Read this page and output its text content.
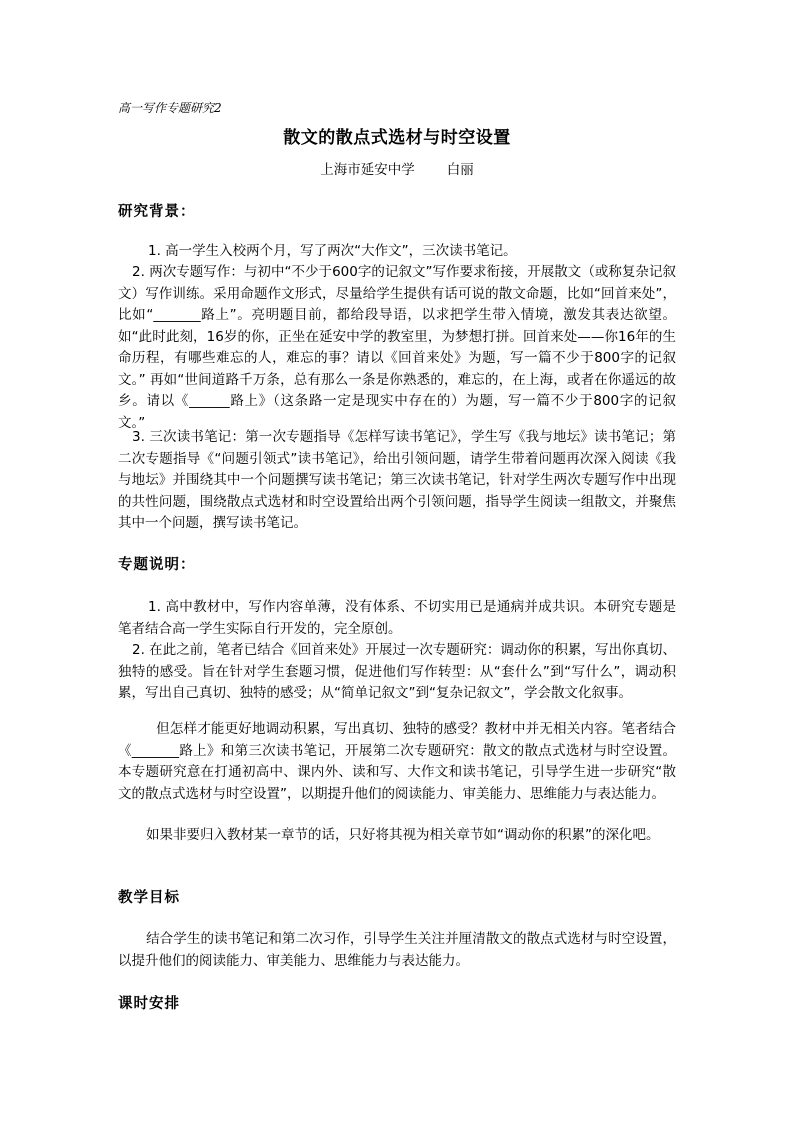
高一写作专题研究2
散文的散点式选材与时空设置
上海市延安中学 白丽
研究背景：
1. 高一学生入校两个月，写了两次“大作文”，三次读书笔记。
2. 两次专题写作：与初中“不少于600字的记叙文”写作要求衔接，开展散文（或称复杂记叙文）写作训练。采用命题作文形式，尽量给学生提供有话可说的散文命题，比如“回首来处”，比如“_______路上”。亮明题目前，都给段导语，以求把学生带入情境，激发其表达欲望。如“此时此刻，16岁的你，正坐在延安中学的教室里，为梦想打拼。回首来处——你16年的生命历程，有哪些难忘的人，难忘的事？请以《回首来处》为题，写一篇不少于800字的记叙文。” 再如“世间道路千万条，总有那么一条是你熟悉的，难忘的，在上海，或者在你遥远的故乡。请以《______路上》（这条路一定是现实中存在的）为题，写一篇不少于800字的记叙文。”
3. 三次读书笔记：第一次专题指导《怎样写读书笔记》，学生写《我与地坛》读书笔记；第二次专题指导《“问题引领式”读书笔记》，给出引领问题，请学生带着问题再次深入阅读《我与地坛》并围绕其中一个问题撰写读书笔记；第三次读书笔记，针对学生两次专题写作中出现的共性问题，围绕散点式选材和时空设置给出两个引领问题，指导学生阅读一组散文，并聚焦其中一个问题，撰写读书笔记。
专题说明：
1. 高中教材中，写作内容单薄，没有体系、不切实用已是通病并成共识。本研究专题是笔者结合高一学生实际自行开发的，完全原创。
2. 在此之前，笔者已结合《回首来处》开展过一次专题研究：调动你的积累，写出你真切、独特的感受。旨在针对学生套题习惯，促进他们写作转型：从“套什么”到“写什么”，调动积累，写出自己真切、独特的感受；从“简单记叙文”到“复杂记叙文”，学会散文化叙事。
但怎样才能更好地调动积累，写出真切、独特的感受？教材中并无相关内容。笔者结合《_______路上》和第三次读书笔记，开展第二次专题研究：散文的散点式选材与时空设置。本专题研究意在打通初高中、课内外、读和写、大作文和读书笔记，引导学生进一步研究“散文的散点式选材与时空设置”，以期提升他们的阅读能力、审美能力、思维能力与表达能力。
如果非要归入教材某一章节的话，只好将其视为相关章节如“调动你的积累”的深化吧。
教学目标
结合学生的读书笔记和第二次习作，引导学生关注并厘清散文的散点式选材与时空设置，以提升他们的阅读能力、审美能力、思维能力与表达能力。
课时安排
